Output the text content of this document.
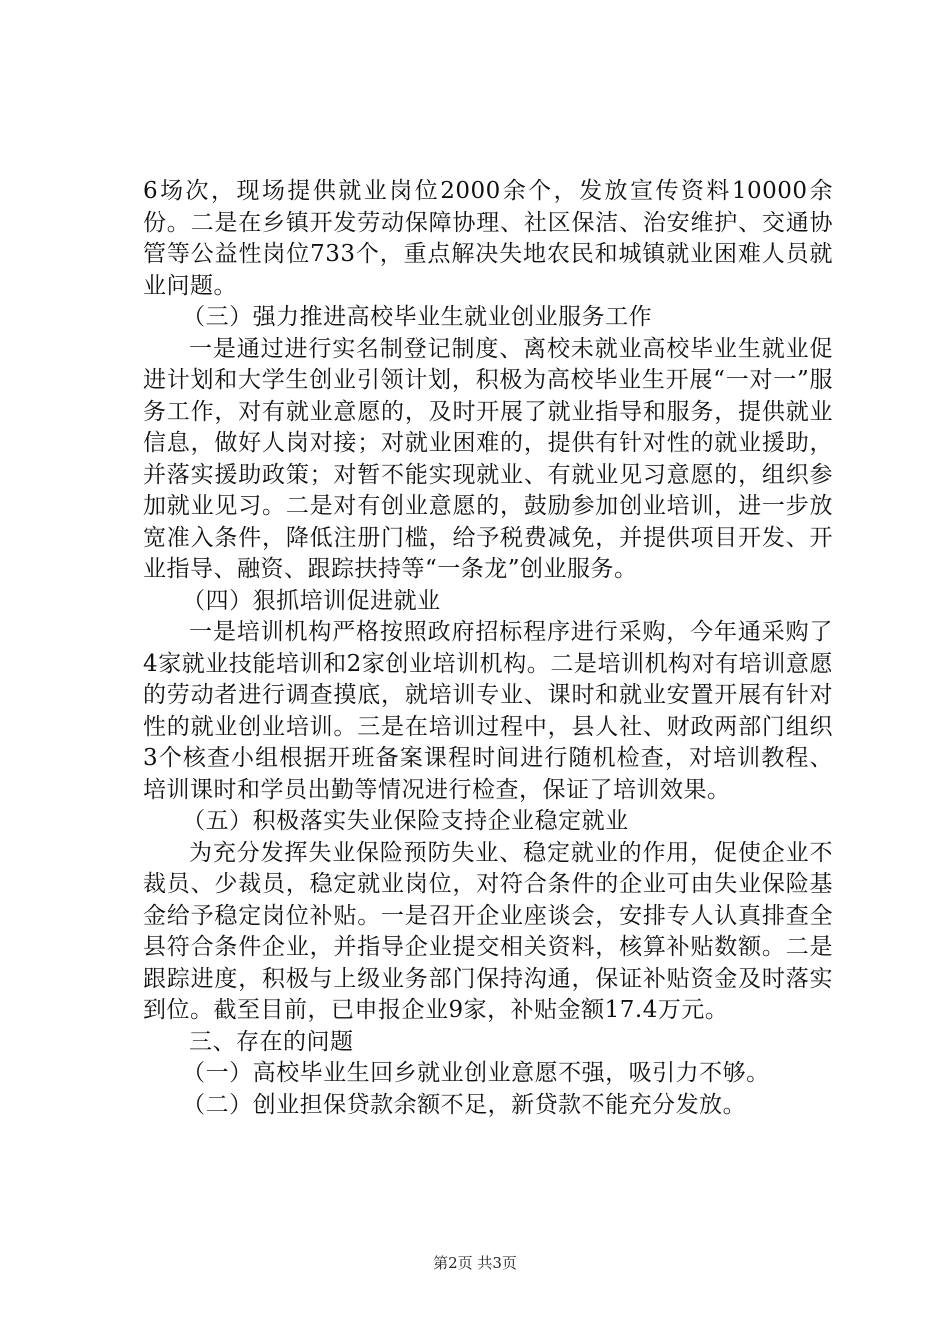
6场次，现场提供就业岗位2000余个，发放宣传资料10000余份。二是在乡镇开发劳动保障协理、社区保洁、治安维护、交通协管等公益性岗位733个，重点解决失地农民和城镇就业困难人员就业问题。

（三）强力推进高校毕业生就业创业服务工作

一是通过进行实名制登记制度、离校未就业高校毕业生就业促进计划和大学生创业引领计划，积极为高校毕业生开展“一对一”服务工作，对有就业意愿的，及时开展了就业指导和服务，提供就业信息，做好人岗对接；对就业困难的，提供有针对性的就业援助，并落实援助政策；对暂不能实现就业、有就业见习意愿的，组织参加就业见习。二是对有创业意愿的，鼓励参加创业培训，进一步放宽准入条件，降低注册门槛，给予税费减免，并提供项目开发、开业指导、融资、跟踪扶持等“一条龙”创业服务。

（四）狠抓培训促进就业

一是培训机构严格按照政府招标程序进行采购，今年通采购了4家就业技能培训和2家创业培训机构。二是培训机构对有培训意愿的劳动者进行调查摸底，就培训专业、课时和就业安置开展有针对性的就业创业培训。三是在培训过程中，县人社、财政两部门组织3个核查小组根据开班备案课程时间进行随机检查，对培训教程、培训课时和学员出勤等情况进行检查，保证了培训效果。

（五）积极落实失业保险支持企业稳定就业

为充分发挥失业保险预防失业、稳定就业的作用，促使企业不裁员、少裁员，稳定就业岗位，对符合条件的企业可由失业保险基金给予稳定岗位补贴。一是召开企业座谈会，安排专人认真排查全县符合条件企业，并指导企业提交相关资料，核算补贴数额。二是跟踪进度，积极与上级业务部门保持沟通，保证补贴资金及时落实到位。截至目前，已申报企业9家，补贴金额17.4万元。

三、存在的问题

（一）高校毕业生回乡就业创业意愿不强，吸引力不够。

（二）创业担保贷款余额不足，新贷款不能充分发放。

第2页 共3页
